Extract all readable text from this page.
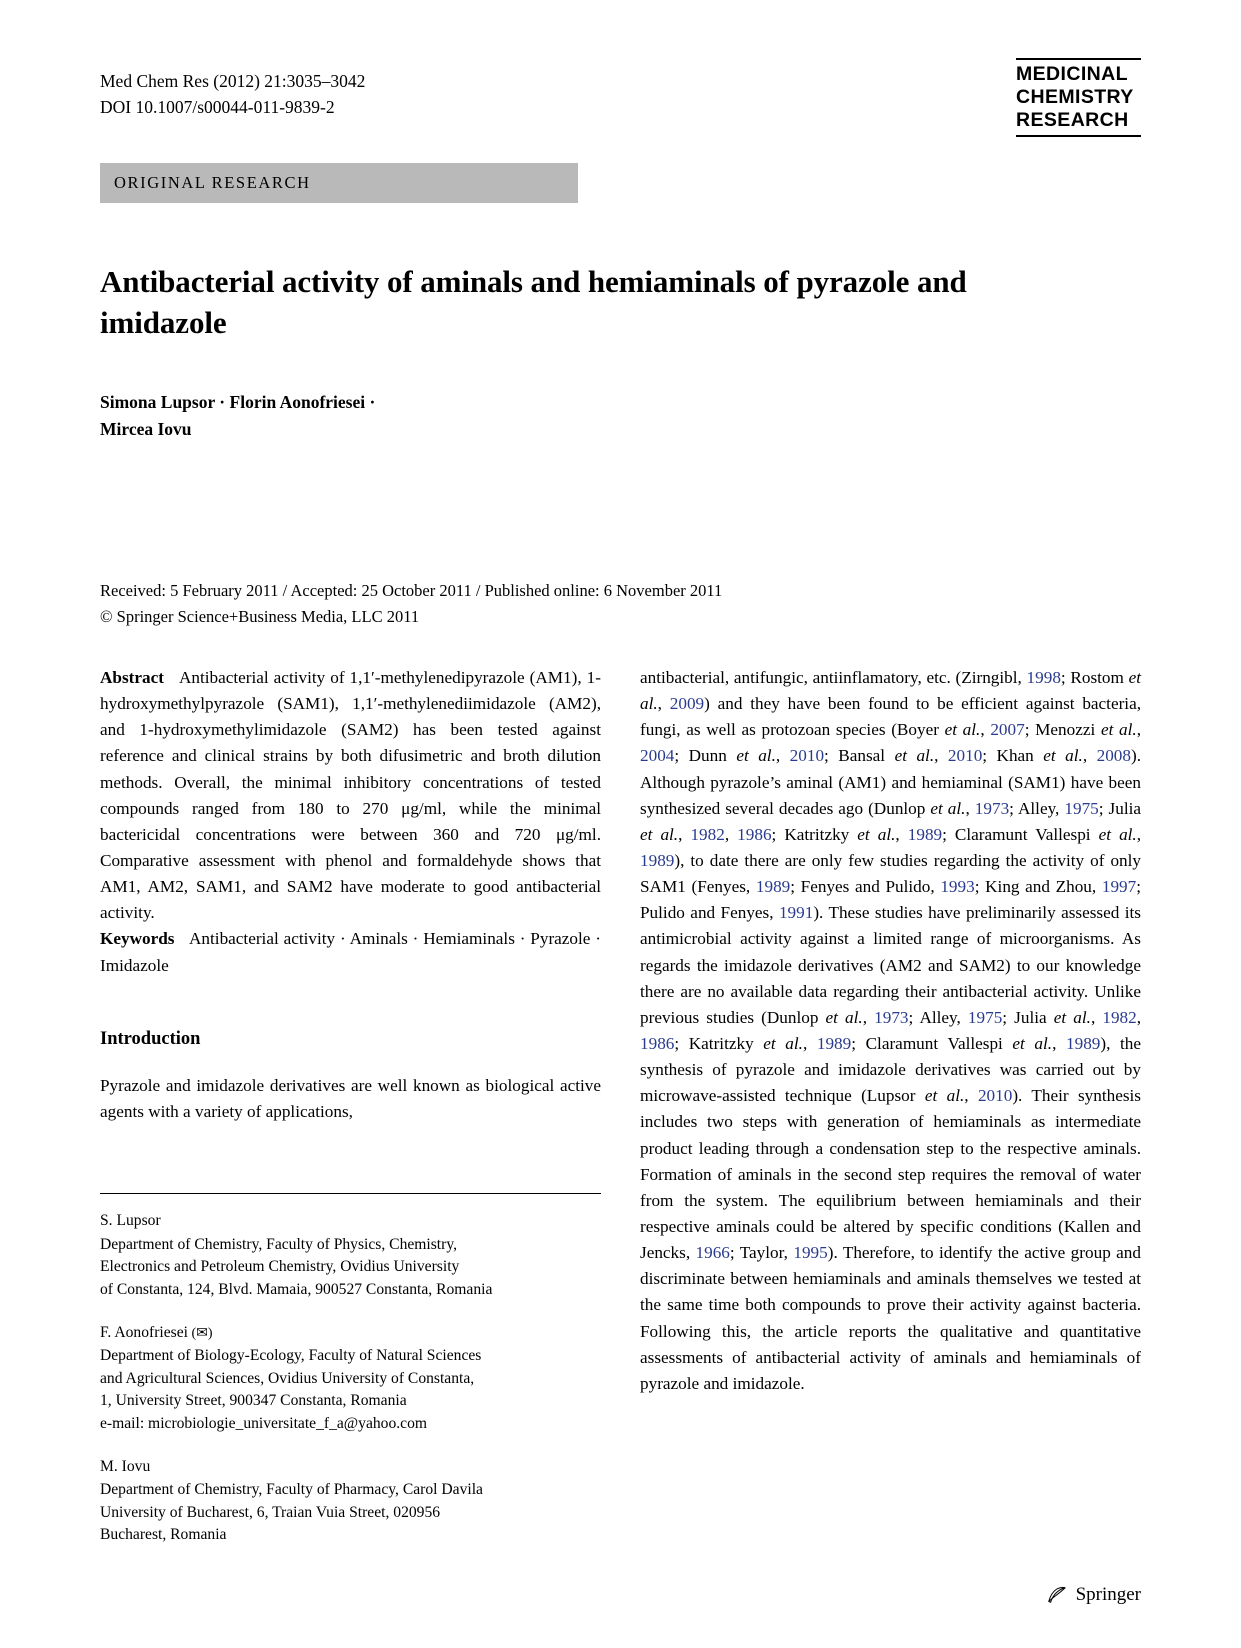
Med Chem Res (2012) 21:3035–3042
DOI 10.1007/s00044-011-9839-2
MEDICINAL
CHEMISTRY
RESEARCH
ORIGINAL RESEARCH
Antibacterial activity of aminals and hemiaminals of pyrazole and imidazole
Simona Lupsor · Florin Aonofriesei ·
Mircea Iovu
Received: 5 February 2011 / Accepted: 25 October 2011 / Published online: 6 November 2011
© Springer Science+Business Media, LLC 2011

Abstract Antibacterial activity of 1,1′-methylenedipyrazole (AM1), 1-hydroxymethylpyrazole (SAM1), 1,1′-methylenediimidazole (AM2), and 1-hydroxymethylimidazole (SAM2) has been tested against reference and clinical strains by both difusimetric and broth dilution methods. Overall, the minimal inhibitory concentrations of tested compounds ranged from 180 to 270 μg/ml, while the minimal bactericidal concentrations were between 360 and 720 μg/ml. Comparative assessment with phenol and formaldehyde shows that AM1, AM2, SAM1, and SAM2 have moderate to good antibacterial activity.

Keywords Antibacterial activity · Aminals · Hemiaminals · Pyrazole · Imidazole

Introduction

Pyrazole and imidazole derivatives are well known as biological active agents with a variety of applications,

S. Lupsor
Department of Chemistry, Faculty of Physics, Chemistry,
Electronics and Petroleum Chemistry, Ovidius University
of Constanta, 124, Blvd. Mamaia, 900527 Constanta, Romania
F. Aonofriesei (✉)
Department of Biology-Ecology, Faculty of Natural Sciences
and Agricultural Sciences, Ovidius University of Constanta,
1, University Street, 900347 Constanta, Romania
e-mail: microbiologie_universitate_f_a@yahoo.com
M. Iovu
Department of Chemistry, Faculty of Pharmacy, Carol Davila
University of Bucharest, 6, Traian Vuia Street, 020956
Bucharest, Romania

antibacterial, antifungic, antiinflamatory, etc. (Zirngibl, 1998; Rostom et al., 2009) and they have been found to be efficient against bacteria, fungi, as well as protozoan species (Boyer et al., 2007; Menozzi et al., 2004; Dunn et al., 2010; Bansal et al., 2010; Khan et al., 2008). Although pyrazole’s aminal (AM1) and hemiaminal (SAM1) have been synthesized several decades ago (Dunlop et al., 1973; Alley, 1975; Julia et al., 1982, 1986; Katritzky et al., 1989; Claramunt Vallespi et al., 1989), to date there are only few studies regarding the activity of only SAM1 (Fenyes, 1989; Fenyes and Pulido, 1993; King and Zhou, 1997; Pulido and Fenyes, 1991). These studies have preliminarily assessed its antimicrobial activity against a limited range of microorganisms. As regards the imidazole derivatives (AM2 and SAM2) to our knowledge there are no available data regarding their antibacterial activity. Unlike previous studies (Dunlop et al., 1973; Alley, 1975; Julia et al., 1982, 1986; Katritzky et al., 1989; Claramunt Vallespi et al., 1989), the synthesis of pyrazole and imidazole derivatives was carried out by microwave-assisted technique (Lupsor et al., 2010). Their synthesis includes two steps with generation of hemiaminals as intermediate product leading through a condensation step to the respective aminals. Formation of aminals in the second step requires the removal of water from the system. The equilibrium between hemiaminals and their respective aminals could be altered by specific conditions (Kallen and Jencks, 1966; Taylor, 1995). Therefore, to identify the active group and discriminate between hemiaminals and aminals themselves we tested at the same time both compounds to prove their activity against bacteria. Following this, the article reports the qualitative and quantitative assessments of antibacterial activity of aminals and hemiaminals of pyrazole and imidazole.

Springer
